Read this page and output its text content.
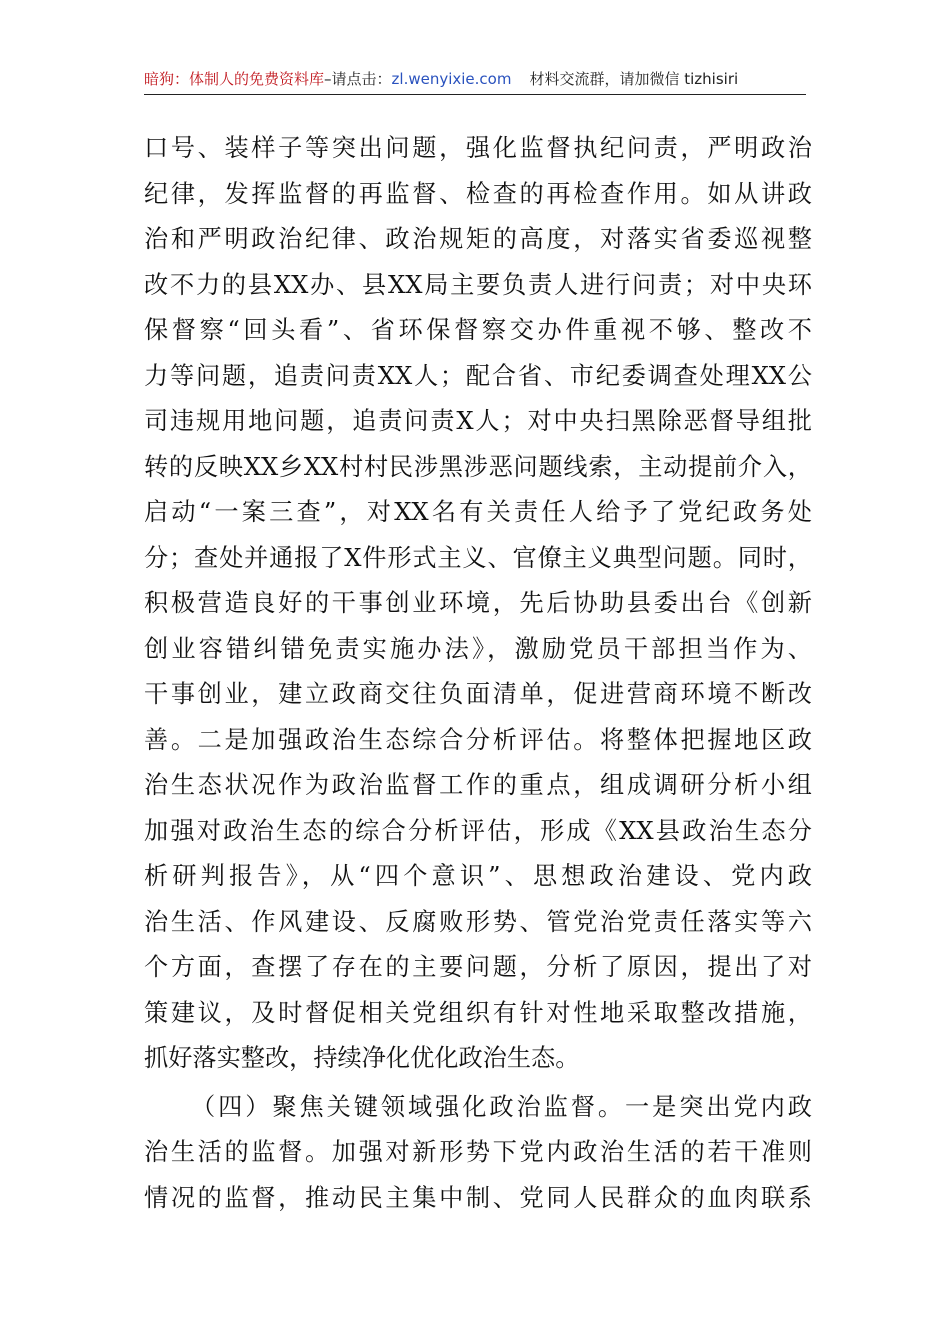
暗狗：体制人的免费资料库–请点击：zl.wenyixie.com 材料交流群，请加微信 tizhisiri
口号、装样子等突出问题，强化监督执纪问责，严明政治
纪律，发挥监督的再监督、检查的再检查作用。如从讲政
治和严明政治纪律、政治规矩的高度，对落实省委巡视整
改不力的县XX办、县XX局主要负责人进行问责；对中央环
保督察“回头看”、省环保督察交办件重视不够、整改不
力等问题，追责问责XX人；配合省、市纪委调查处理XX公
司违规用地问题，追责问责X人；对中央扫黑除恶督导组批
转的反映XX乡XX村村民涉黑涉恶问题线索，主动提前介入，
启动“一案三查”，对XX名有关责任人给予了党纪政务处
分；查处并通报了X件形式主义、官僚主义典型问题。同时，
积极营造良好的干事创业环境，先后协助县委出台《创新
创业容错纠错免责实施办法》，激励党员干部担当作为、
干事创业，建立政商交往负面清单，促进营商环境不断改
善。二是加强政治生态综合分析评估。将整体把握地区政
治生态状况作为政治监督工作的重点，组成调研分析小组
加强对政治生态的综合分析评估，形成《XX县政治生态分
析研判报告》，从“四个意识”、思想政治建设、党内政
治生活、作风建设、反腐败形势、管党治党责任落实等六
个方面，查摆了存在的主要问题，分析了原因，提出了对
策建议，及时督促相关党组织有针对性地采取整改措施，
抓好落实整改，持续净化优化政治生态。
（四）聚焦关键领域强化政治监督。一是突出党内政
治生活的监督。加强对新形势下党内政治生活的若干准则
情况的监督，推动民主集中制、党同人民群众的血肉联系
